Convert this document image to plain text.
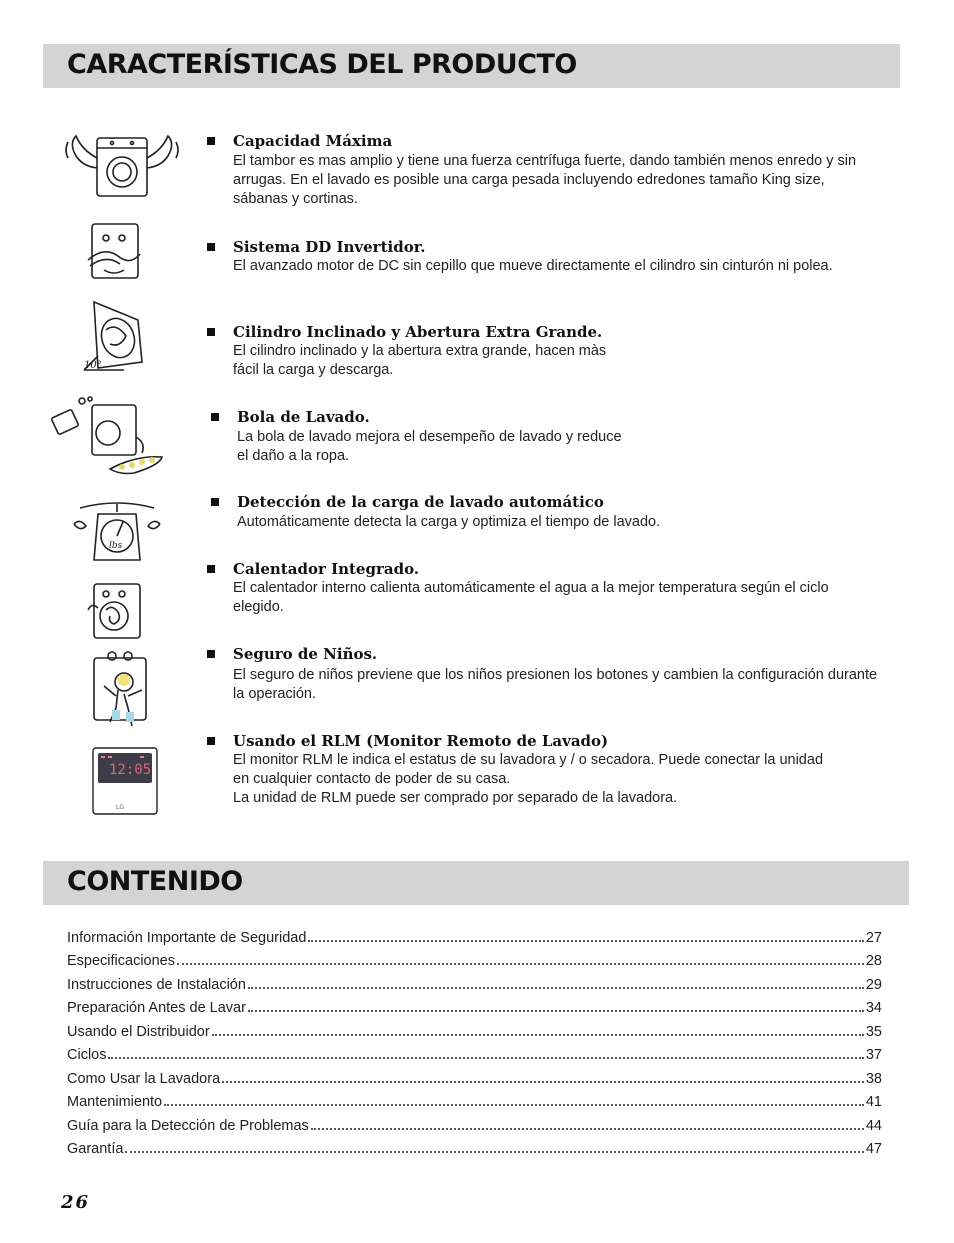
CARACTERÍSTICAS DEL PRODUCTO
Capacidad Máxima
El tambor es mas amplio y tiene una fuerza centrífuga fuerte, dando también menos enredo y sin arrugas. En el lavado es posible una carga pesada incluyendo edredones tamaño King size, sábanas y cortinas.
Sistema DD Invertidor.
El avanzado motor de DC sin cepillo que mueve directamente el cilindro sin cinturón ni polea.
10°
Cilindro Inclinado y Abertura Extra Grande.
El cilindro inclinado y la abertura extra grande, hacen màs
fácil la carga y descarga.
Bola de Lavado.
La bola de lavado mejora el desempeño de lavado y reduce
el daño a la ropa.
lbs
Detección de la carga de lavado automático
Automáticamente detecta la carga y optimiza el tiempo de lavado.
Calentador Integrado.
El calentador interno calienta automáticamente el agua a la mejor temperatura según el ciclo elegido.
Seguro de Niños.
El seguro de niños previene que los niños presionen los botones y cambien la configuración durante la operación.
12:05
LG
Usando el RLM (Monitor Remoto de Lavado)
El monitor RLM le indica el estatus de su lavadora y / o secadora. Puede conectar la unidad
en cualquier contacto de poder de su casa.
La unidad de RLM puede ser comprado por separado de la lavadora.
CONTENIDO
Información Importante de Seguridad	27
Especificaciones	28
Instrucciones de Instalación	29
Preparación Antes de Lavar	34
Usando el Distribuidor	35
Ciclos	37
Como Usar la Lavadora	38
Mantenimiento	41
Guía para la Detección de Problemas	44
Garantía	47
26
